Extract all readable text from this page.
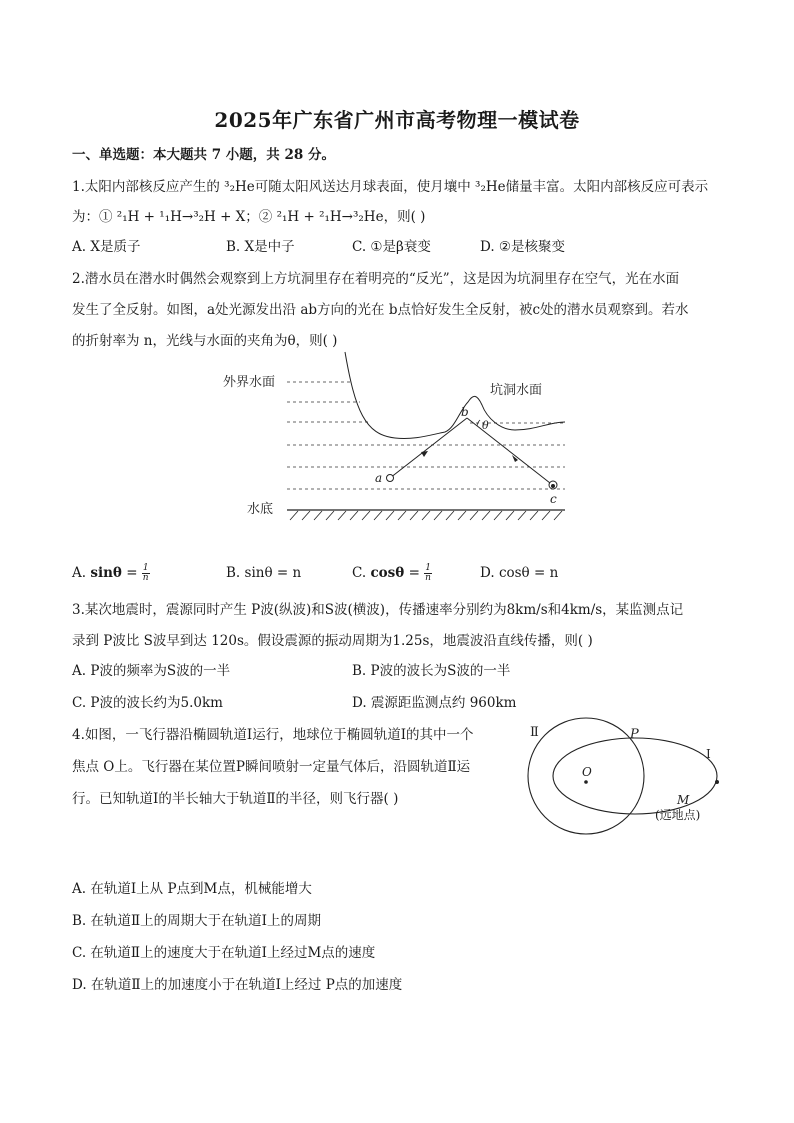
2025年广东省广州市高考物理一模试卷
一、单选题：本大题共 7 小题，共 28 分。
1.太阳内部核反应产生的 ³₂He可随太阳风送达月球表面，使月壤中 ³₂He储量丰富。太阳内部核反应可表示
为：① ²₁H + ¹₁H→³₂H + X；② ²₁H + ²₁H→³₂He，则( )
A. X是质子	B. X是中子	C. ①是β衰变	D. ②是核聚变
2.潜水员在潜水时偶然会观察到上方坑洞里存在着明亮的“反光”，这是因为坑洞里存在空气，光在水面
发生了全反射。如图，a处光源发出沿 ab方向的光在 b点恰好发生全反射，被c处的潜水员观察到。若水
的折射率为 n，光线与水面的夹角为θ，则( )
外界水面
坑洞水面
水底
a
b
c
θ
A. $\sin\theta = \frac{1}{n}$	B. sinθ = n	C. $\cos\theta = \frac{1}{n}$	D. cosθ = n
3.某次地震时，震源同时产生 P波(纵波)和S波(横波)，传播速率分别约为8km/s和4km/s，某监测点记
录到 P波比 S波早到达 120s。假设震源的振动周期为1.25s，地震波沿直线传播，则( )
A. P波的频率为S波的一半	B. P波的波长为S波的一半
C. P波的波长约为5.0km	D. 震源距监测点约 960km
4.如图，一飞行器沿椭圆轨道Ⅰ运行，地球位于椭圆轨道Ⅰ的其中一个
焦点 O上。飞行器在某位置P瞬间喷射一定量气体后，沿圆轨道Ⅱ运
行。已知轨道Ⅰ的半长轴大于轨道Ⅱ的半径，则飞行器( )
Ⅱ
Ⅰ
P
O
M
(远地点)
A. 在轨道Ⅰ上从 P点到M点，机械能增大
B. 在轨道Ⅱ上的周期大于在轨道Ⅰ上的周期
C. 在轨道Ⅱ上的速度大于在轨道Ⅰ上经过M点的速度
D. 在轨道Ⅱ上的加速度小于在轨道Ⅰ上经过 P点的加速度
